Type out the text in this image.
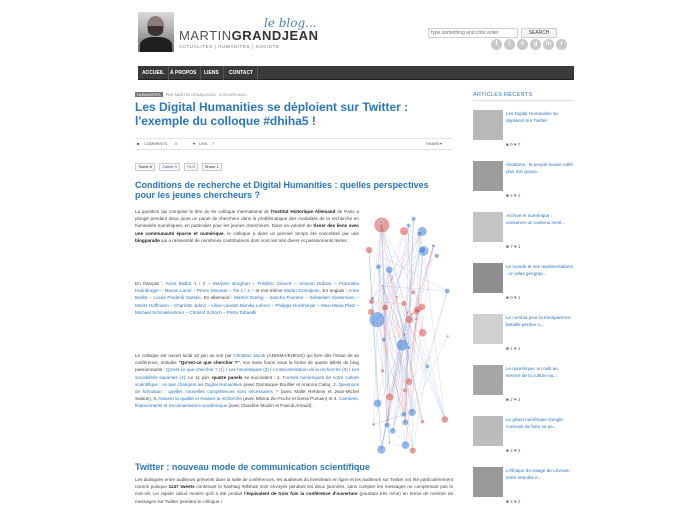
MARTINGRANDJEAN
ACTUALITES | HUMANITES | SOCIETE
le blog...
f	t	v	g	in	r
type something and click enter
SEARCH
ACCUEIL	À PROPOS	LIENS	CONTACT
HUMANITES PAR MARTIN GRANDJEAN · 8 HOURS AGO
Les Digital Humanities se déploient sur Twitter : l'exemple du colloque #dhiha5 !
■ COMMENTS 0	♥ LIKE 7	SHARE ▾
Tweet 6	J'aime 0	+1 0	Share 1
Conditions de recherche et Digital Humanities : quelles perspectives pour les jeunes chercheurs ?
La question qui compose le titre du 5e colloque international de l'Institut Historique Allemand de Paris a plongé pendant deux jours un panel de chercheur dans la problématique des modalités de la recherche en humanités numériques, en particulier pour les jeunes chercheurs. Dans sa volonté de tisser des liens avec une communauté éparse et numérique, le colloque a dans un premier temps été concrétisé par une blogparade qui a rassemblé de nombreux contributeurs dont voici les très divers et passionnants textes :
En français : Anne Baillot 1 / 2 – Marjorie Burghart – Frédéric Clavert – Antonin Dubois – Franziska Heimburger – Manon Lamé – Pierre Mounier – Tis 1 / 2 – et moi-même Martin Grandjean. En anglais : Anne Baillot – Lucas Frederik Garske. En allemand : Marten Düring – Sascha Foerster – Sebastien Giessmann – Moritz Hoffmann – Charlotte Jahnz – Lilian Landes Monika Lehner – Philippe Nordmeyer – Maxi Maria Platz – Michael Schmalenstroer – Christof Schöch – Petra Tabarelli
Le colloque est ouvert lundi 10 juin au soir par Christian Jacob (ANHIMA/EHESS) qui livre dès l'issue de sa conférence, intitulée "Qu'est-ce que chercher ?", son texte fourni sous la forme de quatre billets de blog passionnants : Qu'est-ce que chercher ? (1) / Les heuristiques (2) / L'instrumentation de la recherche (3) / Les sociabilités savantes (4). Le 11 juin, quatre panels se succèdent : 1. Formes numériques de notre culture scientifique : ce que changent les Digital Humanities (avec Dominique Boullier et Arianna Ciula), 2. Questions de formation : quelles nouvelles compétences sont nécessaires ? (avec Malte Rehbein et Jean-Michel Salaün), 3. Assurer la qualité et évaluer la recherche (avec Milena Zic-Fuchs et Denis Pumain) et 4. Carrières, financements et reconnaissance académique (avec Claudine Moulin et Pascal Arnaud).
Twitter : nouveau mode de communication scientifique
Les dialogues entre auditeurs présents dans la salle de conférences, les auditeurs du livestream en ligne et les auditeurs sur Twitter ont été particulièrement nourris puisque 1147 tweets contenant le hashtag #dhiha5 sont envoyés pendant les deux journées, sans compter les messages ne comprenant pas le mot-clé. Un rapide calcul montre qu'il a été produit l'équivalent de trois fois la conférence d'ouverture (pourtant très riche) en terme de nombre de messages sur Twitter pendant le colloque !
ARTICLES RÉCENTS
Les Digital Humanities se déploient sur Twitter
■ 0 ♥ 7
Votations : le peuple suisse mêlé plus son gouve...
■ 2 ♥ 2
Archive et numérique : conserver un contenu mest...
■ 7 ♥ 1
Le monde et ses représentations : un atlas géograp...
■ 0 ♥ 1
Le combat pour la transparence bataille perdue o...
■ 1 ♥ 1
Le numérique, un outil au service de la culture ou...
■ 2 ♥ 2
Le géant numérique Google contraint de faire sa pa...
■ 2 ♥ 3
L'éthique du visage de Lévinas : entre interdits e...
■ 2 ♥ 2
